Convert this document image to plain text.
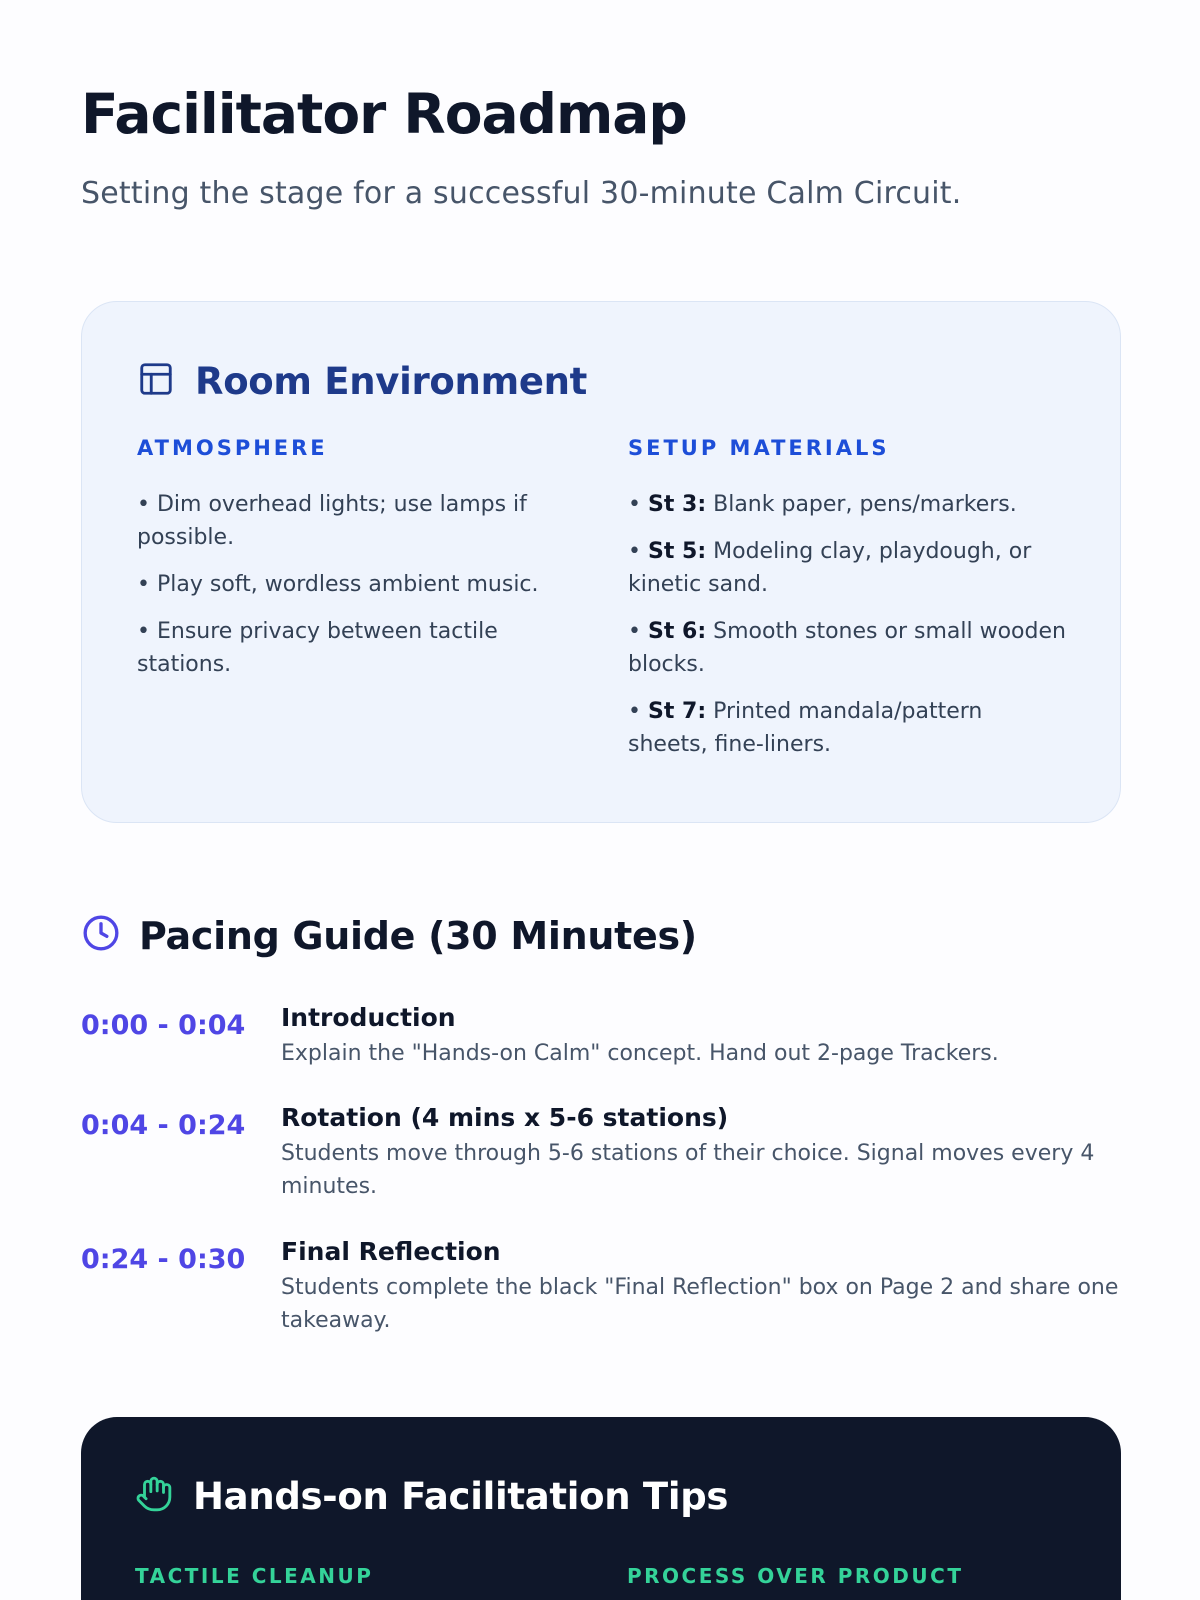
Facilitator Roadmap

Setting the stage for a successful 30-minute Calm Circuit.

Room Environment
ATMOSPHERE

• Dim overhead lights; use lamps if possible.

• Play soft, wordless ambient music.

• Ensure privacy between tactile stations.

SETUP MATERIALS

• St 3: Blank paper, pens/markers.

• St 5: Modeling clay, playdough, or kinetic sand.

• St 6: Smooth stones or small wooden blocks.

• St 7: Printed mandala/pattern sheets, fine-liners.

Pacing Guide (30 Minutes)
0:00 - 0:04 Introduction
Explain the "Hands-on Calm" concept. Hand out 2-page Trackers.
0:04 - 0:24 Rotation (4 mins x 5-6 stations)
Students move through 5-6 stations of their choice. Signal moves every 4 minutes.
0:24 - 0:30 Final Reflection
Students complete the black "Final Reflection" box on Page 2 and share one takeaway.
Hands-on Facilitation Tips
TACTILE CLEANUP	PROCESS OVER PRODUCT
